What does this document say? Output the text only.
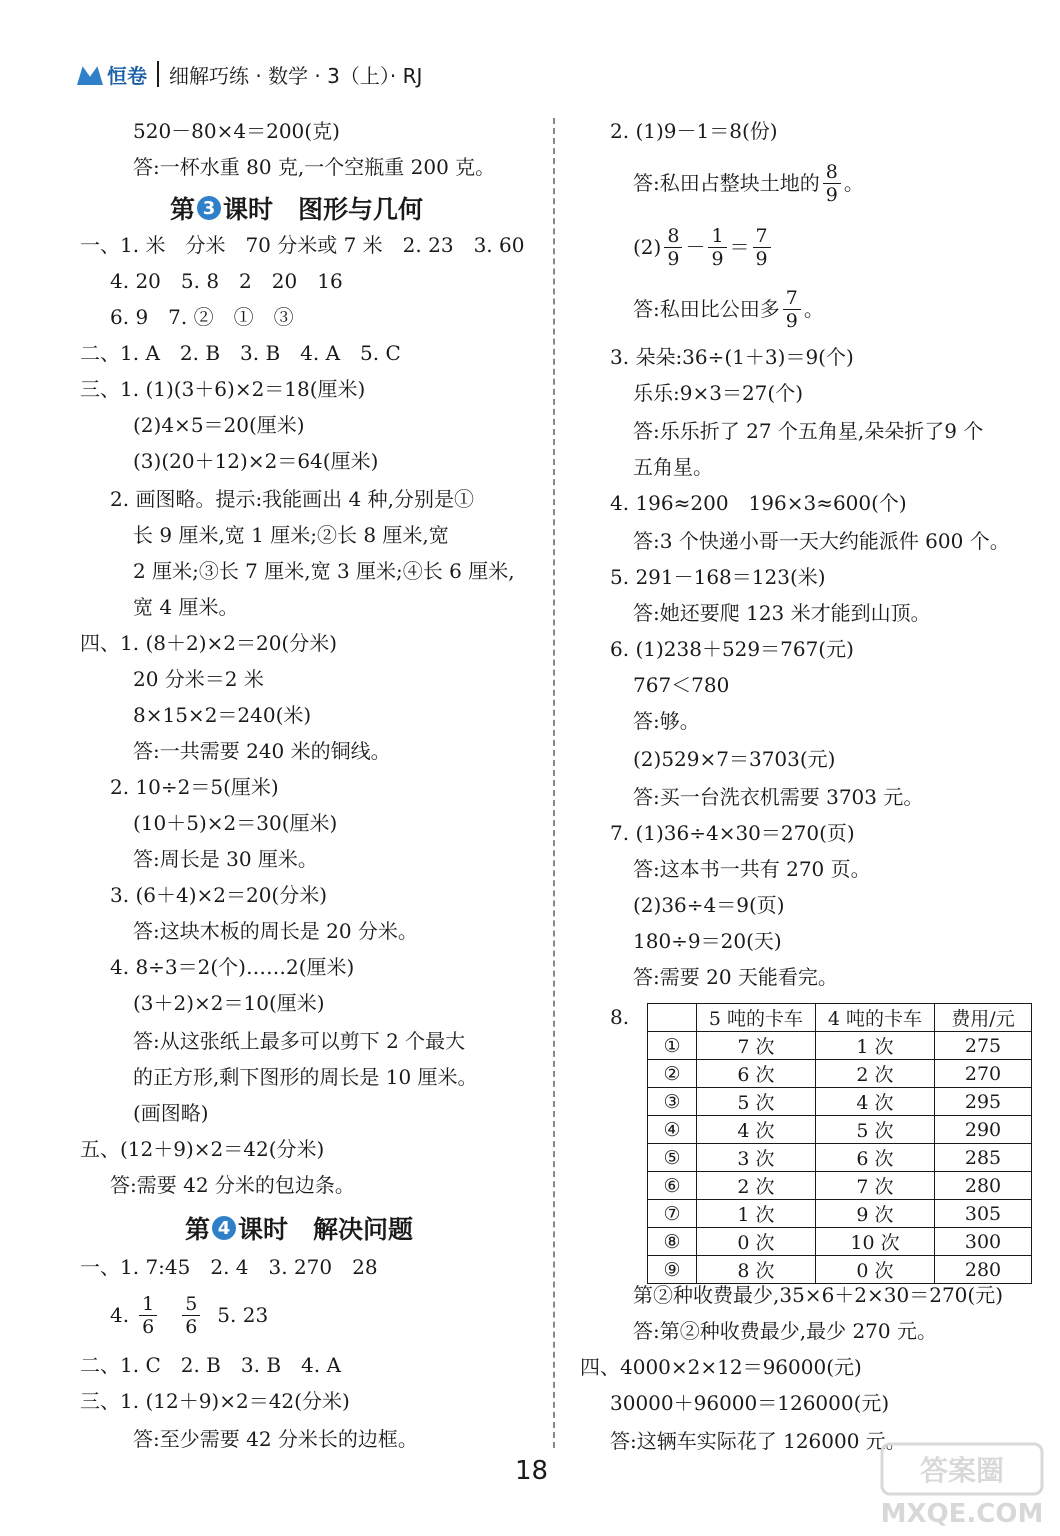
恒卷 细解巧练 · 数学 · 3（上）· RJ
520－80×4＝200(克)
答:一杯水重 80 克,一个空瓶重 200 克。
第 3 课时　图形与几何
一、1. 米　分米　70 分米或 7 米　2. 23　3. 60
4. 20　5. 8　2　20　16
6. 9　7. ②　①　③
二、1. A　2. B　3. B　4. A　5. C
三、1. (1)(3＋6)×2＝18(厘米)
(2)4×5＝20(厘米)
(3)(20＋12)×2＝64(厘米)
2. 画图略。提示:我能画出 4 种,分别是①
长 9 厘米,宽 1 厘米;②长 8 厘米,宽
2 厘米;③长 7 厘米,宽 3 厘米;④长 6 厘米,
宽 4 厘米。
四、1. (8＋2)×2＝20(分米)
20 分米＝2 米
8×15×2＝240(米)
答:一共需要 240 米的铜线。
2. 10÷2＝5(厘米)
(10＋5)×2＝30(厘米)
答:周长是 30 厘米。
3. (6＋4)×2＝20(分米)
答:这块木板的周长是 20 分米。
4. 8÷3＝2(个)……2(厘米)
(3＋2)×2＝10(厘米)
答:从这张纸上最多可以剪下 2 个最大
的正方形,剩下图形的周长是 10 厘米。
(画图略)
五、(12＋9)×2＝42(分米)
答:需要 42 分米的包边条。
第 4 课时　解决问题
一、1. 7:45　2. 4　3. 270　28
4. $\frac{1}{6} \frac{5}{6} 5$. 23
二、1. C　2. B　3. B　4. A
三、1. (12＋9)×2＝42(分米)
答:至少需要 42 分米长的边框。
2. (1)9－1＝8(份)
答:私田占整块土地的 $\frac{8}{9}$ 。
$(2) \frac{8}{9} - \frac{1}{9} = \frac{7}{9}$
答:私田比公田多 $\frac{7}{9}$ 。
3. 朵朵:36÷(1＋3)＝9(个)
乐乐:9×3＝27(个)
答:乐乐折了 27 个五角星,朵朵折了9 个
五角星。
4. 196≈200　196×3≈600(个)
答:3 个快递小哥一天大约能派件 600 个。
5. 291－168＝123(米)
答:她还要爬 123 米才能到山顶。
6. (1)238＋529＝767(元)
767＜780
答:够。
(2)529×7＝3703(元)
答:买一台洗衣机需要 3703 元。
7. (1)36÷4×30＝270(页)
答:这本书一共有 270 页。
(2)36÷4＝9(页)
180÷9＝20(天)
答:需要 20 天能看完。
8.
		5 吨的卡车	4 吨的卡车	费用/元
①	7 次	1 次	275
②	6 次	2 次	270
③	5 次	4 次	295
④	4 次	5 次	290
⑤	3 次	6 次	285
⑥	2 次	7 次	280
⑦	1 次	9 次	305
⑧	0 次	10 次	300
⑨	8 次	0 次	280
第②种收费最少,35×6＋2×30＝270(元)
答:第②种收费最少,最少 270 元。
四、4000×2×12＝96000(元)
30000＋96000＝126000(元)
答:这辆车实际花了 126000 元。
18	答案圈
MXQE.COM
